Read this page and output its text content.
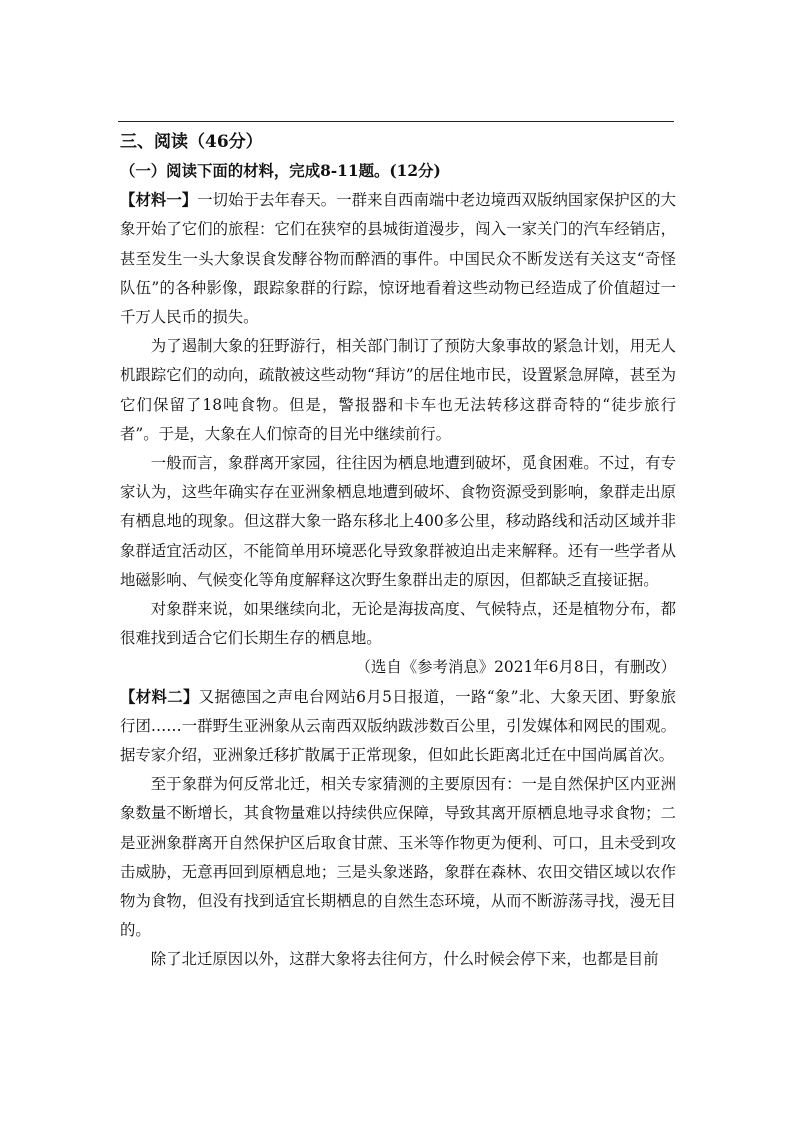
三、阅读（46分）

（一）阅读下面的材料，完成8-11题。(12分)

【材料一】一切始于去年春天。一群来自西南端中老边境西双版纳国家保护区的大象开始了它们的旅程：它们在狭窄的县城街道漫步，闯入一家关门的汽车经销店，甚至发生一头大象误食发酵谷物而醉酒的事件。中国民众不断发送有关这支“奇怪队伍”的各种影像，跟踪象群的行踪，惊讶地看着这些动物已经造成了价值超过一千万人民币的损失。

为了遏制大象的狂野游行，相关部门制订了预防大象事故的紧急计划，用无人机跟踪它们的动向，疏散被这些动物“拜访”的居住地市民，设置紧急屏障，甚至为它们保留了18吨食物。但是，警报器和卡车也无法转移这群奇特的“徒步旅行者”。于是，大象在人们惊奇的目光中继续前行。

一般而言，象群离开家园，往往因为栖息地遭到破坏，觅食困难。不过，有专家认为，这些年确实存在亚洲象栖息地遭到破坏、食物资源受到影响，象群走出原有栖息地的现象。但这群大象一路东移北上400多公里，移动路线和活动区域并非象群适宜活动区，不能简单用环境恶化导致象群被迫出走来解释。还有一些学者从地磁影响、气候变化等角度解释这次野生象群出走的原因，但都缺乏直接证据。

对象群来说，如果继续向北，无论是海拔高度、气候特点，还是植物分布，都很难找到适合它们长期生存的栖息地。

（选自《参考消息》2021年6月8日，有删改）

【材料二】又据德国之声电台网站6月5日报道，一路“象”北、大象天团、野象旅行团……一群野生亚洲象从云南西双版纳跋涉数百公里，引发媒体和网民的围观。据专家介绍，亚洲象迁移扩散属于正常现象，但如此长距离北迁在中国尚属首次。

至于象群为何反常北迁，相关专家猜测的主要原因有：一是自然保护区内亚洲象数量不断增长，其食物量难以持续供应保障，导致其离开原栖息地寻求食物；二是亚洲象群离开自然保护区后取食甘蔗、玉米等作物更为便利、可口，且未受到攻击威胁，无意再回到原栖息地；三是头象迷路，象群在森林、农田交错区域以农作物为食物，但没有找到适宜长期栖息的自然生态环境，从而不断游荡寻找，漫无目的。

除了北迁原因以外，这群大象将去往何方，什么时候会停下来，也都是目前
